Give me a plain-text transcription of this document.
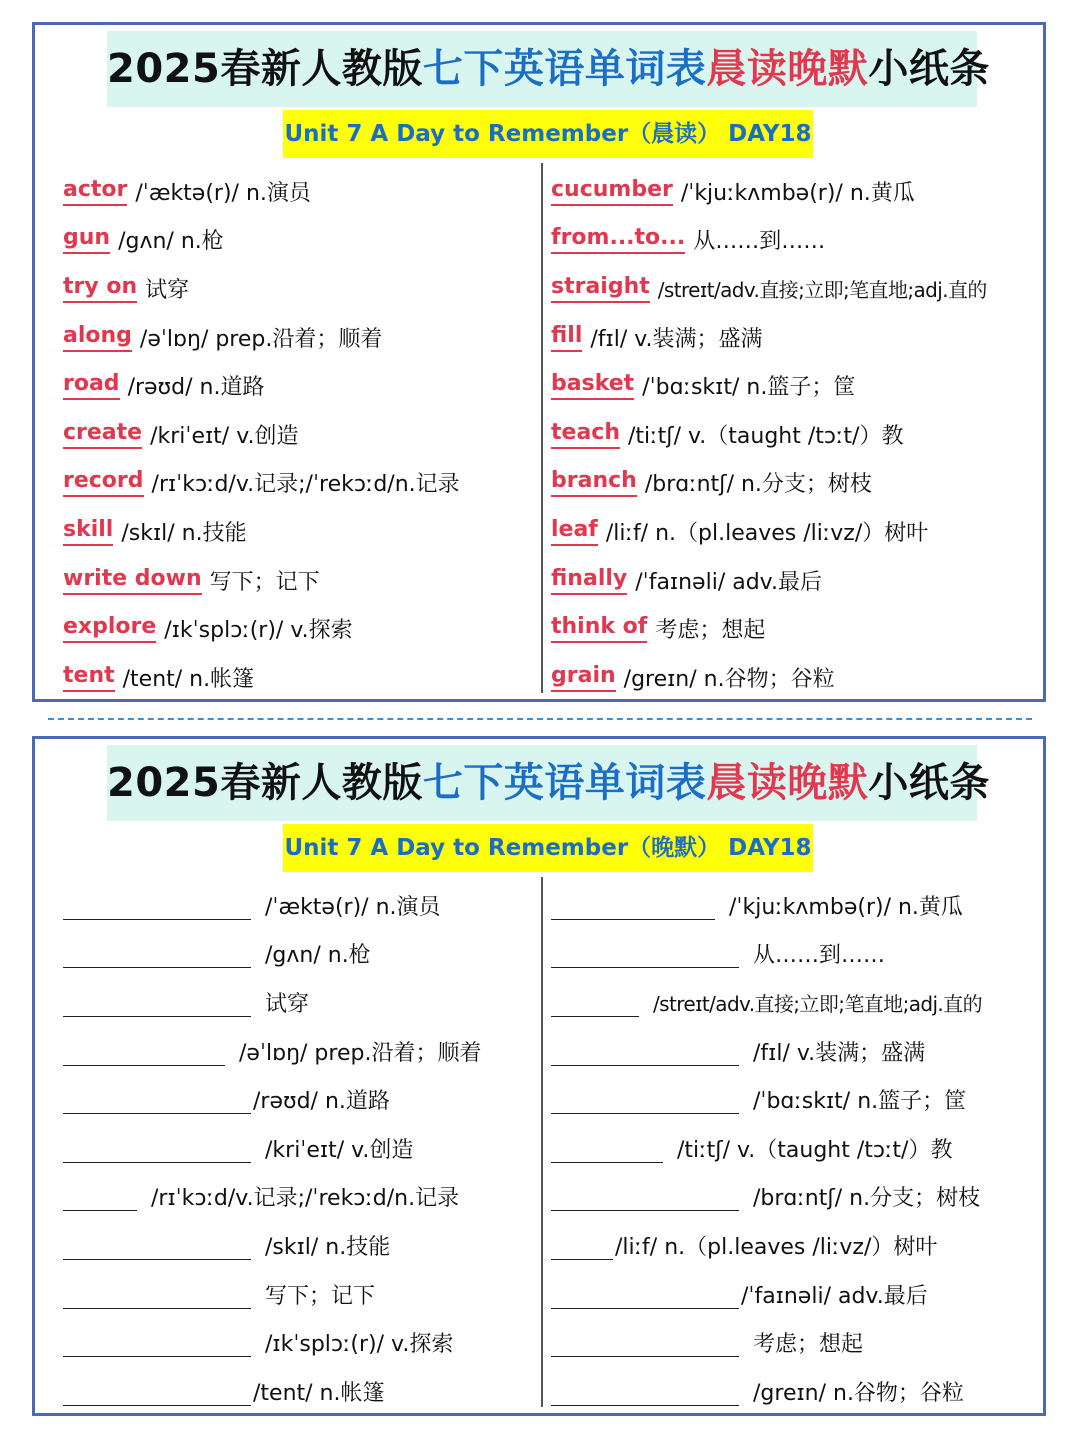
2025春新人教版七下英语单词表晨读晚默小纸条
Unit 7 A Day to Remember（晨读） DAY18
actor /ˈæktə(r)/ n.演员
gun /gʌn/ n.枪
try on 试穿
along /əˈlɒŋ/ prep.沿着；顺着
road /rəʊd/ n.道路
create /kriˈeɪt/ v.创造
record /rɪˈkɔːd/v.记录;/ˈrekɔːd/n.记录
skill /skɪl/ n.技能
write down 写下；记下
explore /ɪkˈsplɔː(r)/ v.探索
tent /tent/ n.帐篷
cucumber /ˈkjuːkʌmbə(r)/ n.黄瓜
from...to... 从……到……
straight /streɪt/adv.直接;立即;笔直地;adj.直的
fill /fɪl/ v.装满；盛满
basket /ˈbɑːskɪt/ n.篮子；筐
teach /tiːtʃ/ v.（taught /tɔːt/）教
branch /brɑːntʃ/ n.分支；树枝
leaf /liːf/ n.（pl.leaves /liːvz/）树叶
finally /ˈfaɪnəli/ adv.最后
think of 考虑；想起
grain /greɪn/ n.谷物；谷粒
2025春新人教版七下英语单词表晨读晚默小纸条
Unit 7 A Day to Remember（晚默） DAY18
/ˈæktə(r)/ n.演员
/gʌn/ n.枪
试穿
/əˈlɒŋ/ prep.沿着；顺着
/rəʊd/ n.道路
/kriˈeɪt/ v.创造
/rɪˈkɔːd/v.记录;/ˈrekɔːd/n.记录
/skɪl/ n.技能
写下；记下
/ɪkˈsplɔː(r)/ v.探索
/tent/ n.帐篷
/ˈkjuːkʌmbə(r)/ n.黄瓜
从……到……
/streɪt/adv.直接;立即;笔直地;adj.直的
/fɪl/ v.装满；盛满
/ˈbɑːskɪt/ n.篮子；筐
/tiːtʃ/ v.（taught /tɔːt/）教
/brɑːntʃ/ n.分支；树枝
/liːf/ n.（pl.leaves /liːvz/）树叶
/ˈfaɪnəli/ adv.最后
考虑；想起
/greɪn/ n.谷物；谷粒
